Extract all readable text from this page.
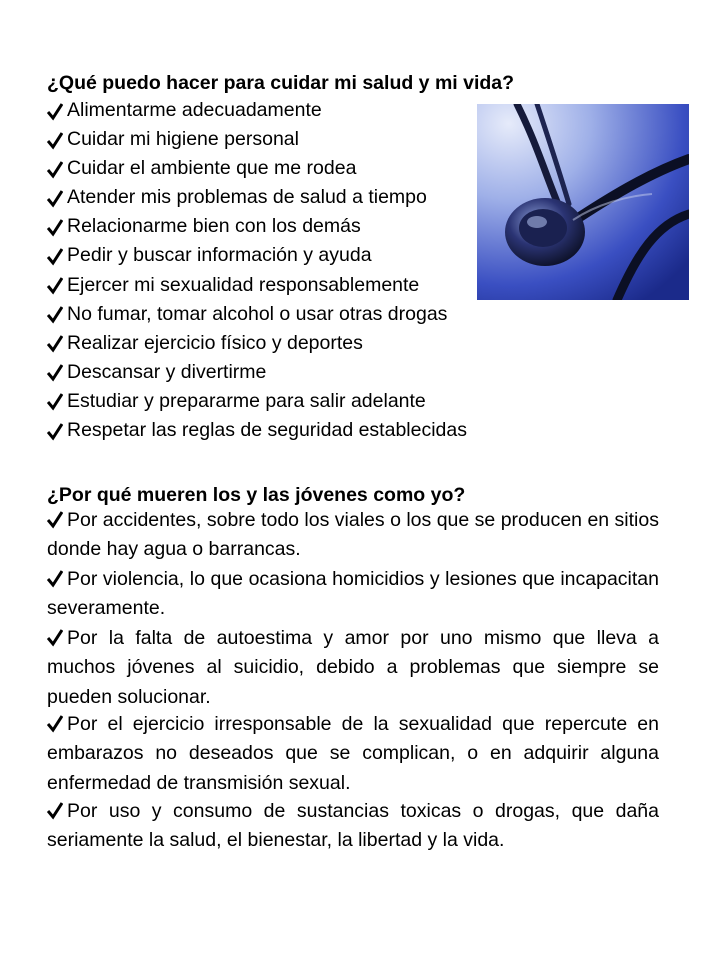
¿Qué puedo hacer para cuidar mi salud y mi vida?
Alimentarme adecuadamente
Cuidar mi higiene personal
Cuidar el ambiente que me rodea
Atender mis problemas de salud a tiempo
Relacionarme bien con los demás
Pedir y buscar información y ayuda
Ejercer mi sexualidad responsablemente
No fumar, tomar alcohol o usar otras drogas
Realizar ejercicio físico y deportes
Descansar y divertirme
Estudiar y prepararme para salir adelante
Respetar las reglas de seguridad establecidas
¿Por qué mueren los y las jóvenes como yo?

Por accidentes, sobre todo los viales o los que se producen en sitios donde hay agua o barrancas.

Por violencia, lo que ocasiona homicidios y lesiones que incapacitan severamente.

Por la falta de autoestima y amor por uno mismo que lleva a muchos jóvenes al suicidio, debido a problemas que siempre se pueden solucionar.

Por el ejercicio irresponsable de la sexualidad que repercute en embarazos no deseados que se complican, o en adquirir alguna enfermedad de transmisión sexual.

Por uso y consumo de sustancias toxicas o drogas, que daña seriamente la salud, el bienestar, la libertad y la vida.
